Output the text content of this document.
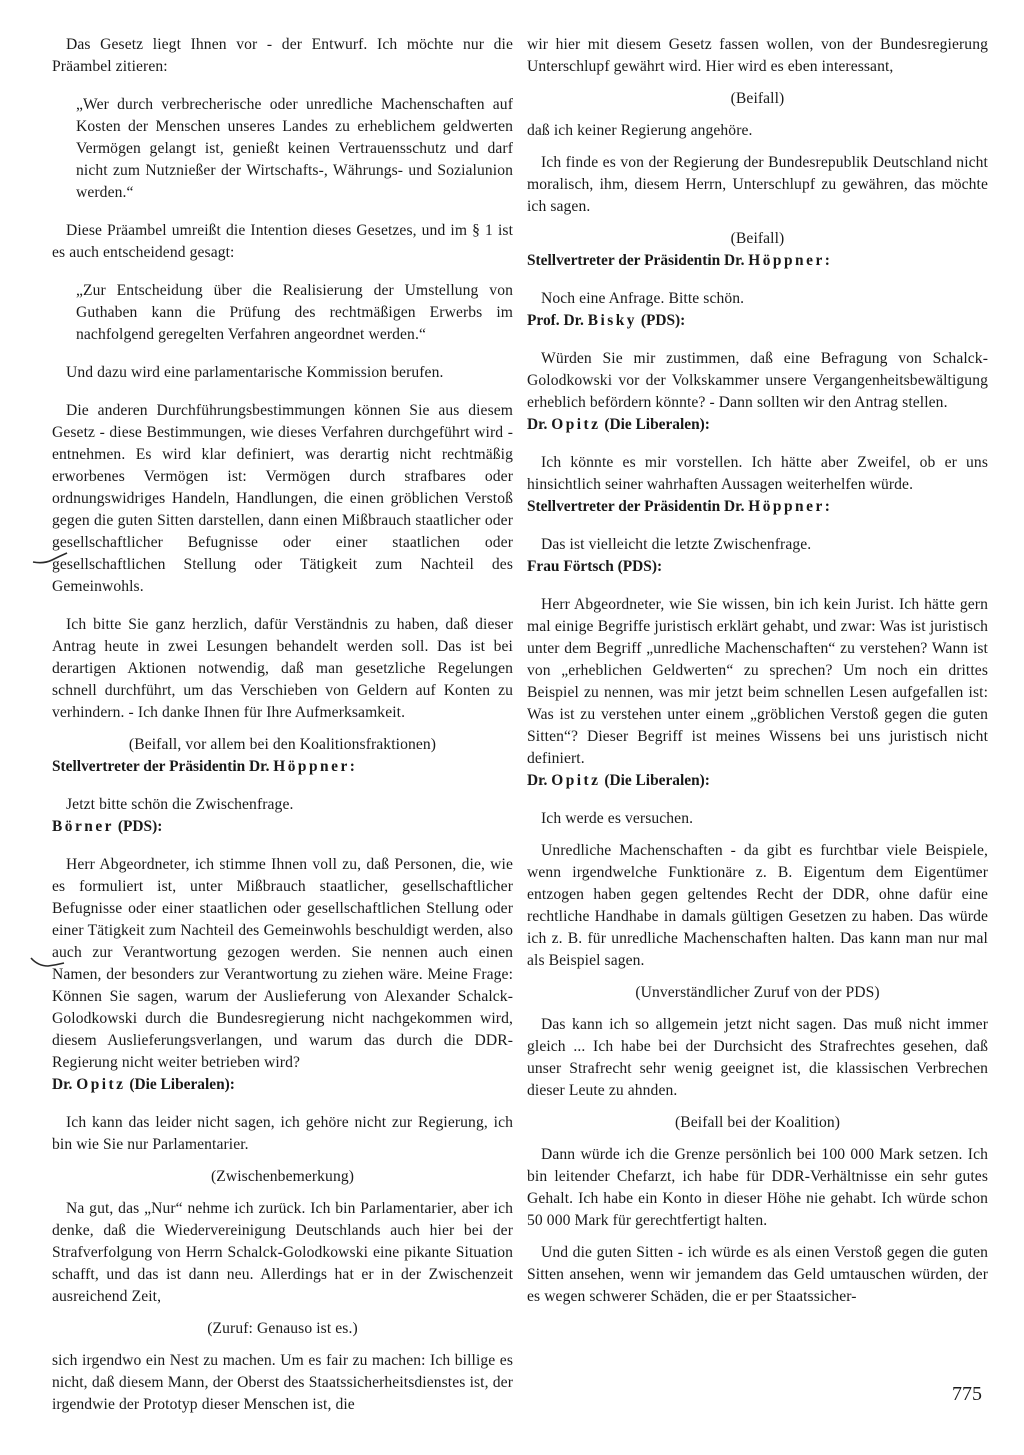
Das Gesetz liegt Ihnen vor - der Entwurf. Ich möchte nur die Präambel zitieren:

„Wer durch verbrecherische oder unredliche Machenschaften auf Kosten der Menschen unseres Landes zu erheblichem geldwerten Vermögen gelangt ist, genießt keinen Vertrauensschutz und darf nicht zum Nutznießer der Wirtschafts-, Währungs- und Sozialunion werden.“

Diese Präambel umreißt die Intention dieses Gesetzes, und im § 1 ist es auch entscheidend gesagt:

„Zur Entscheidung über die Realisierung der Umstellung von Guthaben kann die Prüfung des rechtmäßigen Erwerbs im nachfolgend geregelten Verfahren angeordnet werden.“

Und dazu wird eine parlamentarische Kommission berufen.

Die anderen Durchführungsbestimmungen können Sie aus diesem Gesetz - diese Bestimmungen, wie dieses Verfahren durchgeführt wird - entnehmen. Es wird klar definiert, was derartig nicht rechtmäßig erworbenes Vermögen ist: Vermögen durch strafbares oder ordnungswidriges Handeln, Handlungen, die einen gröblichen Verstoß gegen die guten Sitten darstellen, dann einen Mißbrauch staatlicher oder gesellschaftlicher Befugnisse oder einer staatlichen oder gesellschaftlichen Stellung oder Tätigkeit zum Nachteil des Gemeinwohls.

Ich bitte Sie ganz herzlich, dafür Verständnis zu haben, daß dieser Antrag heute in zwei Lesungen behandelt werden soll. Das ist bei derartigen Aktionen notwendig, daß man gesetzliche Regelungen schnell durchführt, um das Verschieben von Geldern auf Konten zu verhindern. - Ich danke Ihnen für Ihre Aufmerksamkeit.

(Beifall, vor allem bei den Koalitionsfraktionen)

Stellvertreter der Präsidentin Dr. Höppner:

Jetzt bitte schön die Zwischenfrage.

Börner (PDS):

Herr Abgeordneter, ich stimme Ihnen voll zu, daß Personen, die, wie es formuliert ist, unter Mißbrauch staatlicher, gesellschaftlicher Befugnisse oder einer staatlichen oder gesellschaftlichen Stellung oder einer Tätigkeit zum Nachteil des Gemeinwohls beschuldigt werden, also auch zur Verantwortung gezogen werden. Sie nennen auch einen Namen, der besonders zur Verantwortung zu ziehen wäre. Meine Frage: Können Sie sagen, warum der Auslieferung von Alexander Schalck-Golodkowski durch die Bundesregierung nicht nachgekommen wird, diesem Auslieferungsverlangen, und warum das durch die DDR-Regierung nicht weiter betrieben wird?

Dr. Opitz (Die Liberalen):

Ich kann das leider nicht sagen, ich gehöre nicht zur Regierung, ich bin wie Sie nur Parlamentarier.

(Zwischenbemerkung)

Na gut, das „Nur“ nehme ich zurück. Ich bin Parlamentarier, aber ich denke, daß die Wiedervereinigung Deutschlands auch hier bei der Strafverfolgung von Herrn Schalck-Golodkowski eine pikante Situation schafft, und das ist dann neu. Allerdings hat er in der Zwischenzeit ausreichend Zeit,

(Zuruf: Genauso ist es.)

sich irgendwo ein Nest zu machen. Um es fair zu machen: Ich billige es nicht, daß diesem Mann, der Oberst des Staatssicherheitsdienstes ist, der irgendwie der Prototyp dieser Menschen ist, die

wir hier mit diesem Gesetz fassen wollen, von der Bundesregierung Unterschlupf gewährt wird. Hier wird es eben interessant,

(Beifall)

daß ich keiner Regierung angehöre.

Ich finde es von der Regierung der Bundesrepublik Deutschland nicht moralisch, ihm, diesem Herrn, Unterschlupf zu gewähren, das möchte ich sagen.

(Beifall)

Stellvertreter der Präsidentin Dr. Höppner:

Noch eine Anfrage. Bitte schön.

Prof. Dr. Bisky (PDS):

Würden Sie mir zustimmen, daß eine Befragung von Schalck-Golodkowski vor der Volkskammer unsere Vergangenheitsbewältigung erheblich befördern könnte? - Dann sollten wir den Antrag stellen.

Dr. Opitz (Die Liberalen):

Ich könnte es mir vorstellen. Ich hätte aber Zweifel, ob er uns hinsichtlich seiner wahrhaften Aussagen weiterhelfen würde.

Stellvertreter der Präsidentin Dr. Höppner:

Das ist vielleicht die letzte Zwischenfrage.

Frau Förtsch (PDS):

Herr Abgeordneter, wie Sie wissen, bin ich kein Jurist. Ich hätte gern mal einige Begriffe juristisch erklärt gehabt, und zwar: Was ist juristisch unter dem Begriff „unredliche Machenschaften“ zu verstehen? Wann ist von „erheblichen Geldwerten“ zu sprechen? Um noch ein drittes Beispiel zu nennen, was mir jetzt beim schnellen Lesen aufgefallen ist: Was ist zu verstehen unter einem „gröblichen Verstoß gegen die guten Sitten“? Dieser Begriff ist meines Wissens bei uns juristisch nicht definiert.

Dr. Opitz (Die Liberalen):

Ich werde es versuchen.

Unredliche Machenschaften - da gibt es furchtbar viele Beispiele, wenn irgendwelche Funktionäre z. B. Eigentum dem Eigentümer entzogen haben gegen geltendes Recht der DDR, ohne dafür eine rechtliche Handhabe in damals gültigen Gesetzen zu haben. Das würde ich z. B. für unredliche Machenschaften halten. Das kann man nur mal als Beispiel sagen.

(Unverständlicher Zuruf von der PDS)

Das kann ich so allgemein jetzt nicht sagen. Das muß nicht immer gleich ... Ich habe bei der Durchsicht des Strafrechtes gesehen, daß unser Strafrecht sehr wenig geeignet ist, die klassischen Verbrechen dieser Leute zu ahnden.

(Beifall bei der Koalition)

Dann würde ich die Grenze persönlich bei 100 000 Mark setzen. Ich bin leitender Chefarzt, ich habe für DDR-Verhältnisse ein sehr gutes Gehalt. Ich habe ein Konto in dieser Höhe nie gehabt. Ich würde schon 50 000 Mark für gerechtfertigt halten.

Und die guten Sitten - ich würde es als einen Verstoß gegen die guten Sitten ansehen, wenn wir jemandem das Geld umtauschen würden, der es wegen schwerer Schäden, die er per Staatssicher-

775
